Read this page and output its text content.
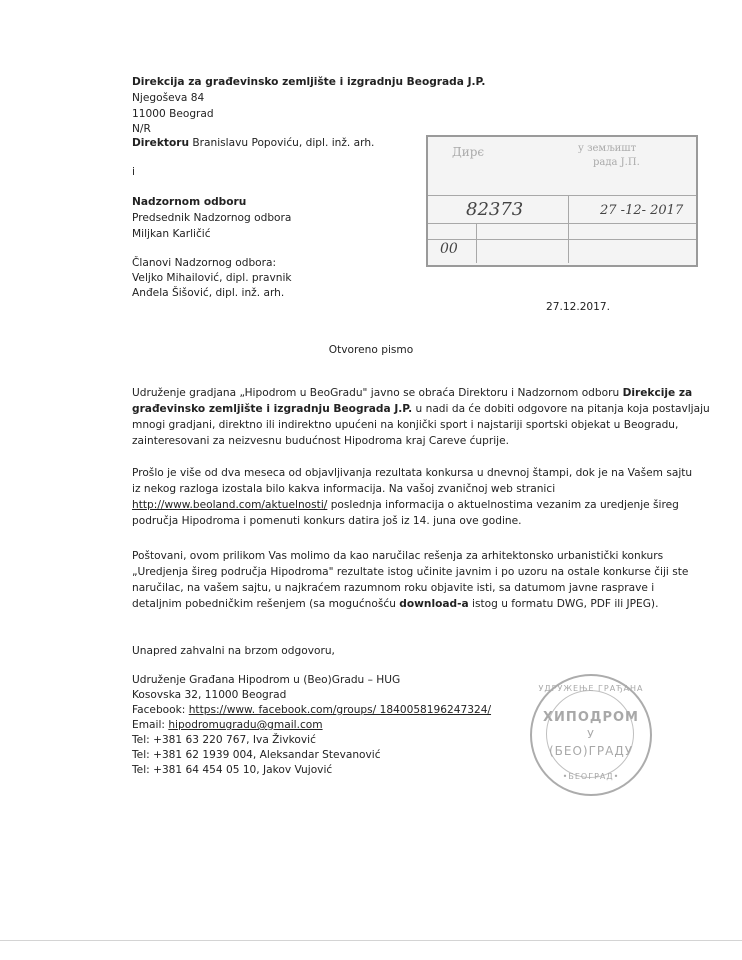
Direkcija za građevinsko zemljište i izgradnju Beograda J.P.
Njegoševa 84
11000 Beograd
N/R
Direktoru Branislavu Popoviću, dipl. inž. arh.
i
Nadzornom odboru
Predsednik Nadzornog odbora
Miljkan Karličić
Članovi Nadzornog odbora:
Veljko Mihailović, dipl. pravnik
Anđela Šišović, dipl. inž. arh.
Дирє	у земљишт
рада Ј.П.
82373	27 -12- 2017
00
27.12.2017.
Otvoreno pismo
Udruženje gradjana „Hipodrom u BeoGradu" javno se obraća Direktoru i Nadzornom odboru Direkcije za
građevinsko zemljište i izgradnju Beograda J.P. u nadi da će dobiti odgovore na pitanja koja postavljaju
mnogi gradjani, direktno ili indirektno upućeni na konjički sport i najstariji sportski objekat u Beogradu,
zainteresovani za neizvesnu budućnost Hipodroma kraj Careve ćuprije.
Prošlo je više od dva meseca od objavljivanja rezultata konkursa u dnevnoj štampi, dok je na Vašem sajtu
iz nekog razloga izostala bilo kakva informacija. Na vašoj zvaničnoj web stranici
http://www.beoland.com/aktuelnosti/ poslednja informacija o aktuelnostima vezanim za uredjenje šireg
područja Hipodroma i pomenuti konkurs datira još iz 14. juna ove godine.
Poštovani, ovom prilikom Vas molimo da kao naručilac rešenja za arhitektonsko urbanistički konkurs
„Uredjenja šireg područja Hipodroma" rezultate istog učinite javnim i po uzoru na ostale konkurse čiji ste
naručilac, na vašem sajtu, u najkraćem razumnom roku objavite isti, sa datumom javne rasprave i
detaljnim pobedničkim rešenjem (sa mogućnošću download-a istog u formatu DWG, PDF ili JPEG).
Unapred zahvalni na brzom odgovoru,
Udruženje Građana Hipodrom u (Beo)Gradu – HUG
Kosovska 32, 11000 Beograd
Facebook: https://www. facebook.com/groups/ 1840058196247324/
Email: hipodromugradu@gmail.com
Tel: +381 63 220 767, Iva Živković
Tel: +381 62 1939 004, Aleksandar Stevanović
Tel: +381 64 454 05 10, Jakov Vujović
УДРУЖЕЊЕ ГРАЂАНА
ХИПОДРОМ
У
(БЕО)ГРАДУ
•БЕОГРАД•
